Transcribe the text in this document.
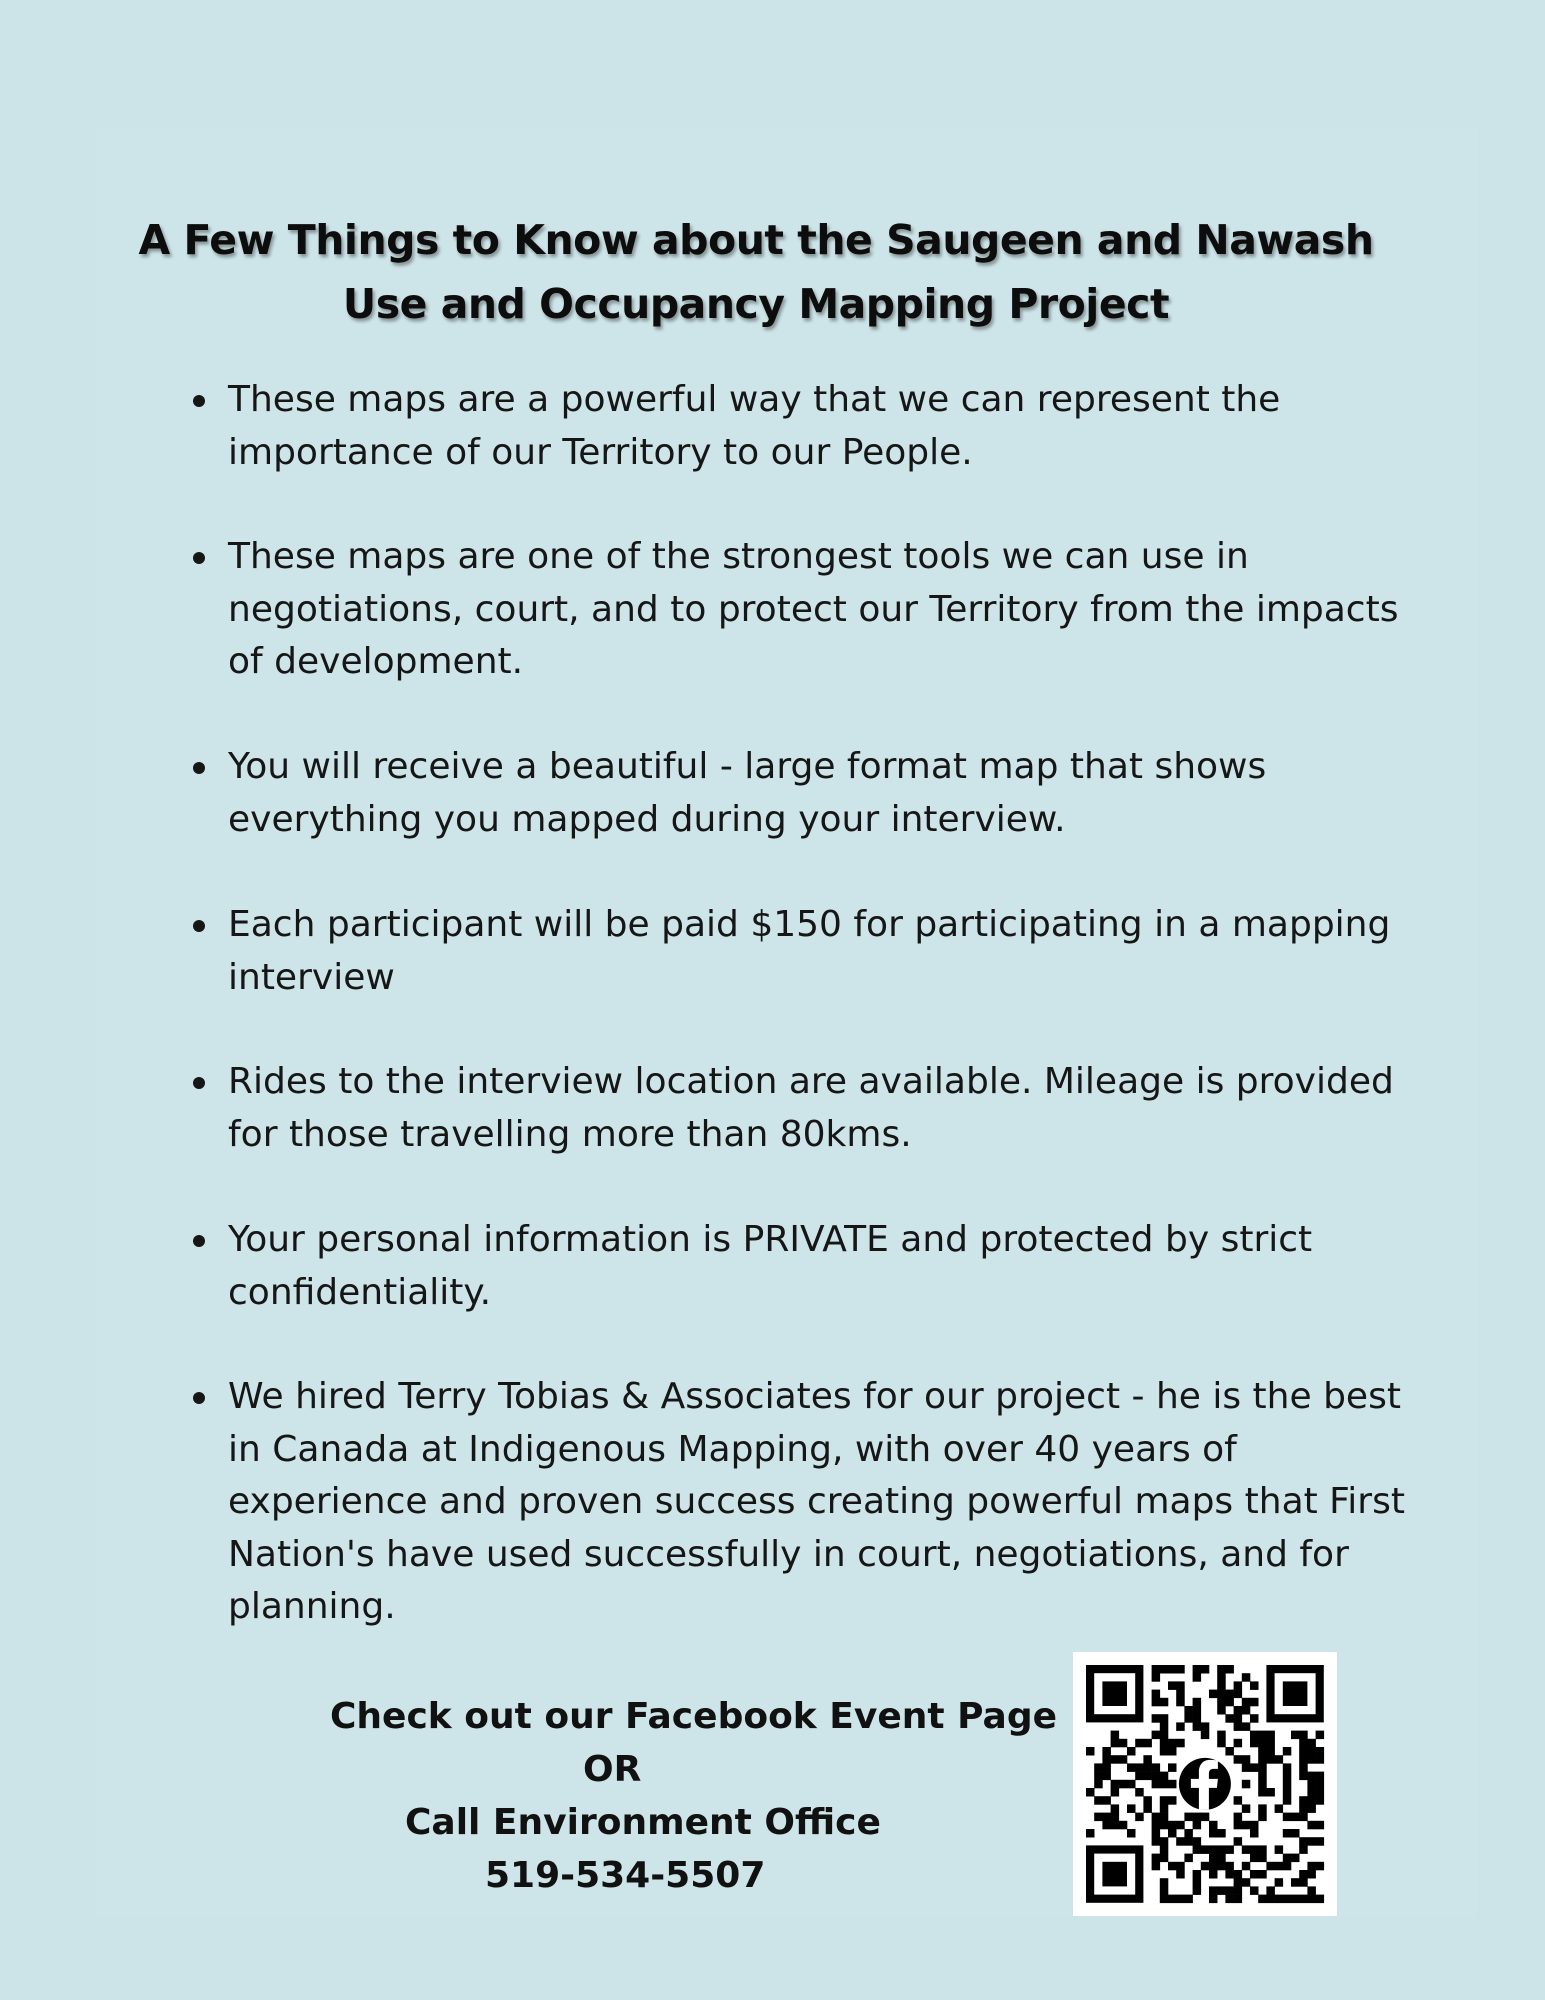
A Few Things to Know about the Saugeen and Nawash
Use and Occupancy Mapping Project
These maps are a powerful way that we can represent the
importance of our Territory to our People.
These maps are one of the strongest tools we can use in
negotiations, court, and to protect our Territory from the impacts
of development.
You will receive a beautiful - large format map that shows
everything you mapped during your interview.
Each participant will be paid $150 for participating in a mapping
interview
Rides to the interview location are available. Mileage is provided
for those travelling more than 80kms.
Your personal information is PRIVATE and protected by strict
confidentiality.
We hired Terry Tobias & Associates for our project - he is the best
in Canada at Indigenous Mapping, with over 40 years of
experience and proven success creating powerful maps that First
Nation's have used successfully in court, negotiations, and for
planning.
Check out our Facebook Event Page
OR
Call Environment Office
519-534-5507
